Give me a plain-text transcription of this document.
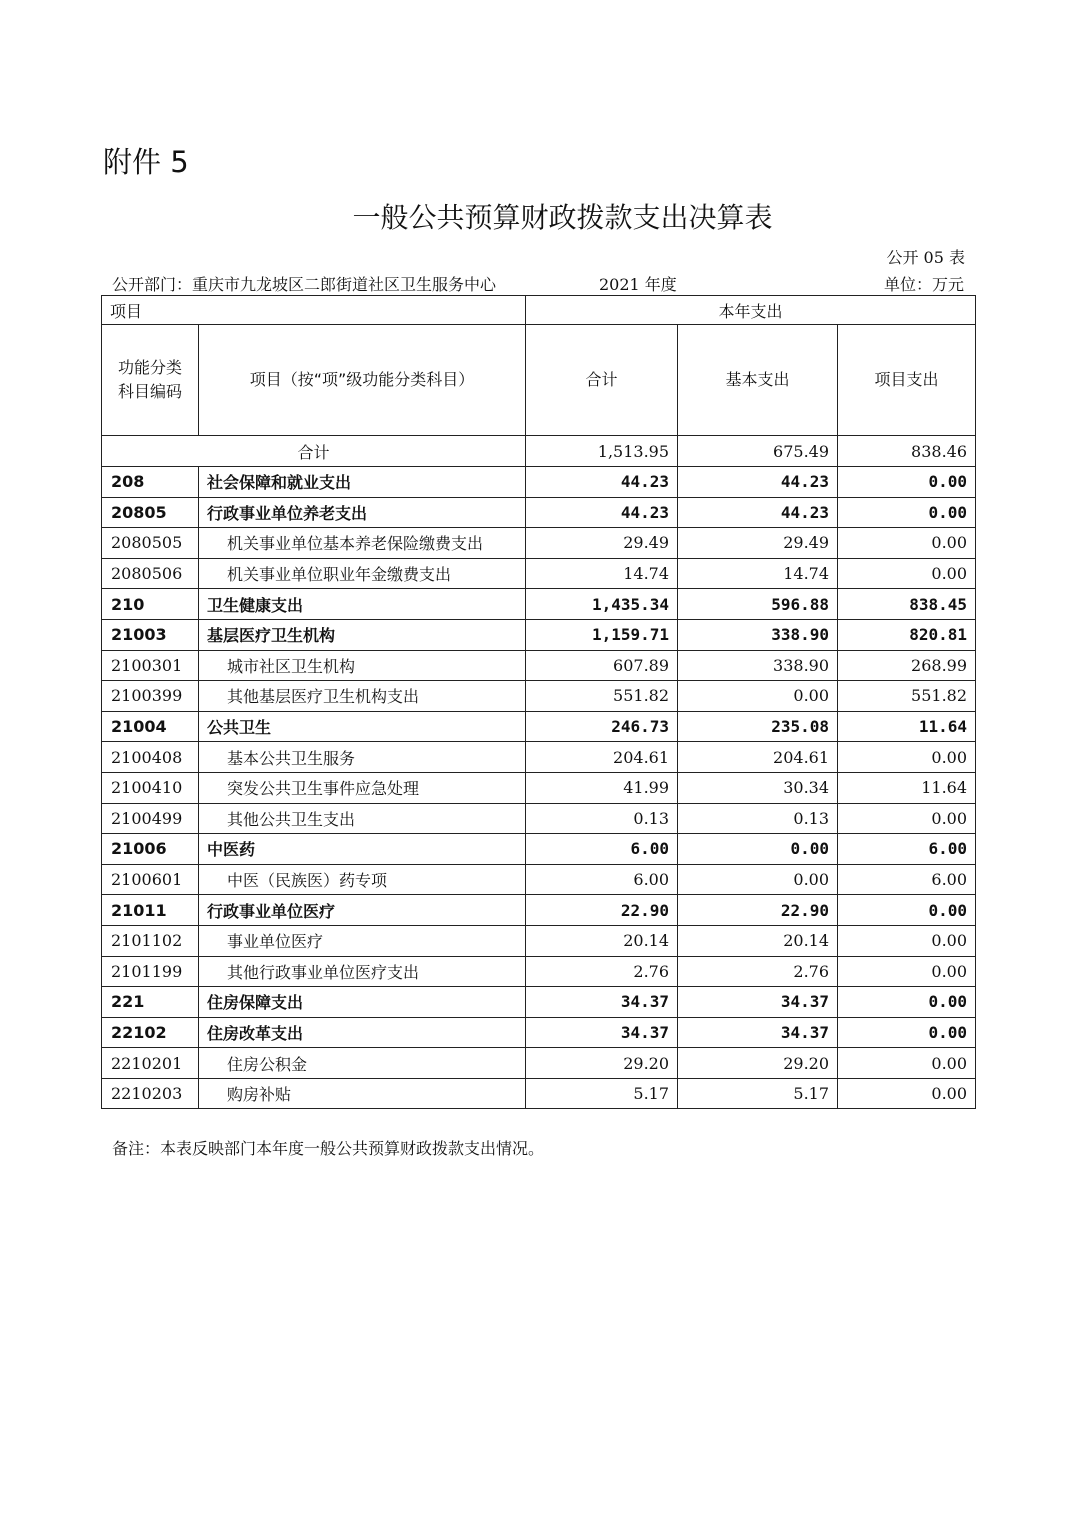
附件 5
一般公共预算财政拨款支出决算表
公开 05 表
公开部门：重庆市九龙坡区二郎街道社区卫生服务中心	2021 年度	单位：万元
项目		本年支出		
功能分类科目编码	项目（按“项”级功能分类科目）	合计	基本支出	项目支出
合计		1,513.95	675.49	838.46
208	社会保障和就业支出	44.23	44.23	0.00
20805	行政事业单位养老支出	44.23	44.23	0.00
2080505	机关事业单位基本养老保险缴费支出	29.49	29.49	0.00
2080506	机关事业单位职业年金缴费支出	14.74	14.74	0.00
210	卫生健康支出	1,435.34	596.88	838.45
21003	基层医疗卫生机构	1,159.71	338.90	820.81
2100301	城市社区卫生机构	607.89	338.90	268.99
2100399	其他基层医疗卫生机构支出	551.82	0.00	551.82
21004	公共卫生	246.73	235.08	11.64
2100408	基本公共卫生服务	204.61	204.61	0.00
2100410	突发公共卫生事件应急处理	41.99	30.34	11.64
2100499	其他公共卫生支出	0.13	0.13	0.00
21006	中医药	6.00	0.00	6.00
2100601	中医（民族医）药专项	6.00	0.00	6.00
21011	行政事业单位医疗	22.90	22.90	0.00
2101102	事业单位医疗	20.14	20.14	0.00
2101199	其他行政事业单位医疗支出	2.76	2.76	0.00
221	住房保障支出	34.37	34.37	0.00
22102	住房改革支出	34.37	34.37	0.00
2210201	住房公积金	29.20	29.20	0.00
2210203	购房补贴	5.17	5.17	0.00
备注：本表反映部门本年度一般公共预算财政拨款支出情况。
